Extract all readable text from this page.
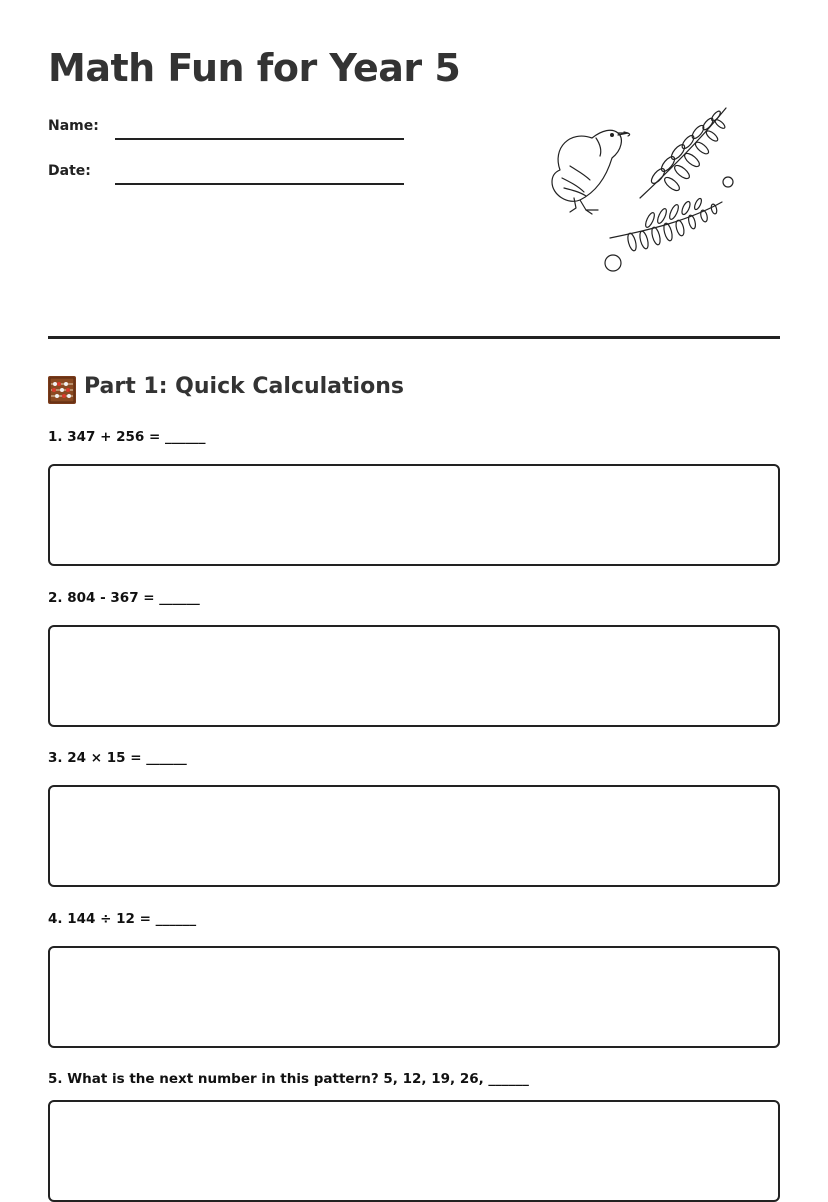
Math Fun for Year 5
Name:
Date:
Part 1: Quick Calculations
1. 347 + 256 = ______
2. 804 - 367 = ______
3. 24 × 15 = ______
4. 144 ÷ 12 = ______
5. What is the next number in this pattern? 5, 12, 19, 26, ______
